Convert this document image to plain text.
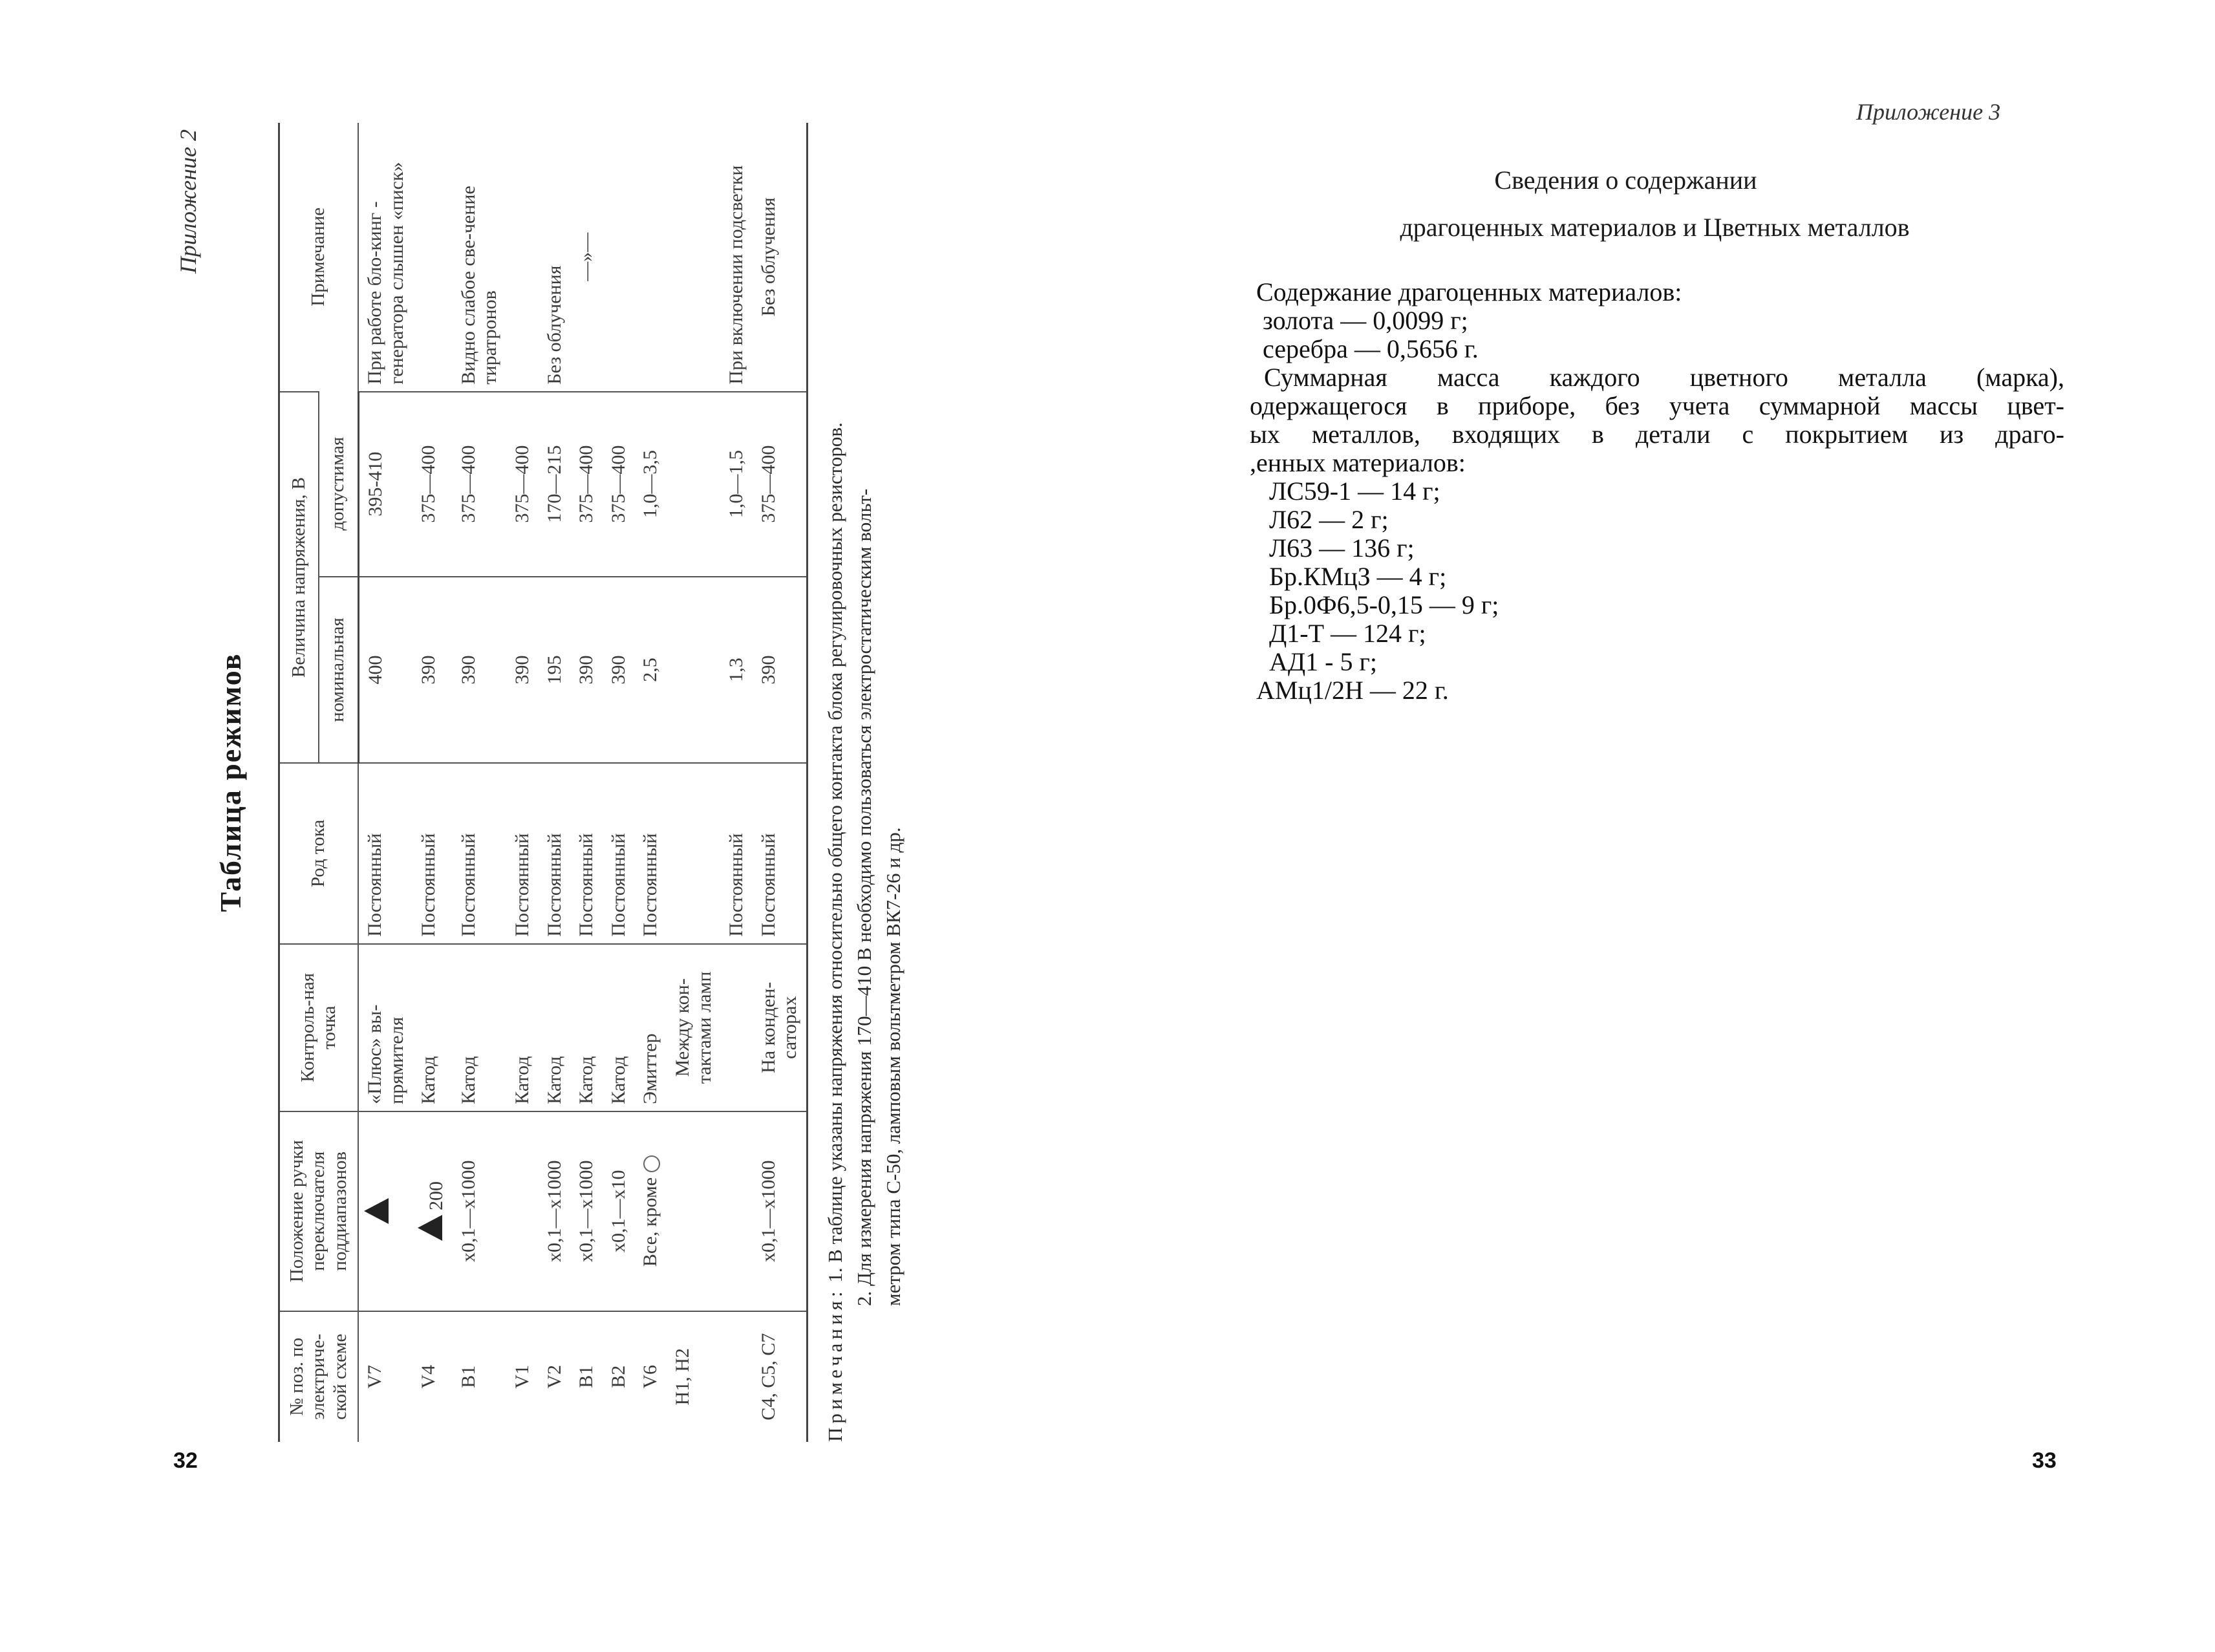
Приложение 2
Таблица режимов
№ поз. по электриче-ской схеме	Положение ручки переключателя поддиапазонов	Контроль-ная точка	Род тока	Величина напряжения, В		Примечание
				номинальная	допустимая	
V7		«Плюс» вы-прямителя	Постоянный	400	395-410	При работе бло-кинг - генератора слышен «писк»
V4	200	Катод	Постоянный	390	375—400	
В1	x0,1—x1000	Катод	Постоянный	390	375—400	Видно слабое све-чение тиратронов
V1		Катод	Постоянный	390	375—400	
V2	x0,1—x1000	Катод	Постоянный	195	170—215	Без облучения
В1	x0,1—x1000	Катод	Постоянный	390	375—400	—»—
В2	x0,1—x10	Катод	Постоянный	390	375—400	
V6	Все, кроме	Эмиттер	Постоянный	2,5	1,0—3,5	
Н1, Н2		Между кон-тактами ламп				
			Постоянный	1,3	1,0—1,5	При включении подсветки
С4, С5, С7	x0,1—x1000	На конден-саторах	Постоянный	390	375—400	Без облучения
Примечания: 1. В таблице указаны напряжения относительно общего контакта блока регулировочных резисторов. 2. Для измерения напряжения 170—410 В необходимо пользоваться электростатическим вольт- метром типа С-50, ламповым вольтметром ВК7-26 и др.
32
Приложение 3
Сведения о содержании
драгоценных материалов и Цветных металлов
Содержание драгоценных материалов:
золота — 0,0099 г;
серебра — 0,5656 г.
Суммарная масса каждого цветного металла (марка),
одержащегося в приборе, без учета суммарной массы цвет-
ых металлов, входящих в детали с покрытием из драго-
,енных материалов:
ЛС59-1 — 14 г;
Л62 — 2 г;
Л63 — 136 г;
Бр.КМцЗ — 4 г;
Бр.0Ф6,5-0,15 — 9 г;
Д1-Т — 124 г;
АД1 - 5 г;
АМц1/2Н — 22 г.
33
